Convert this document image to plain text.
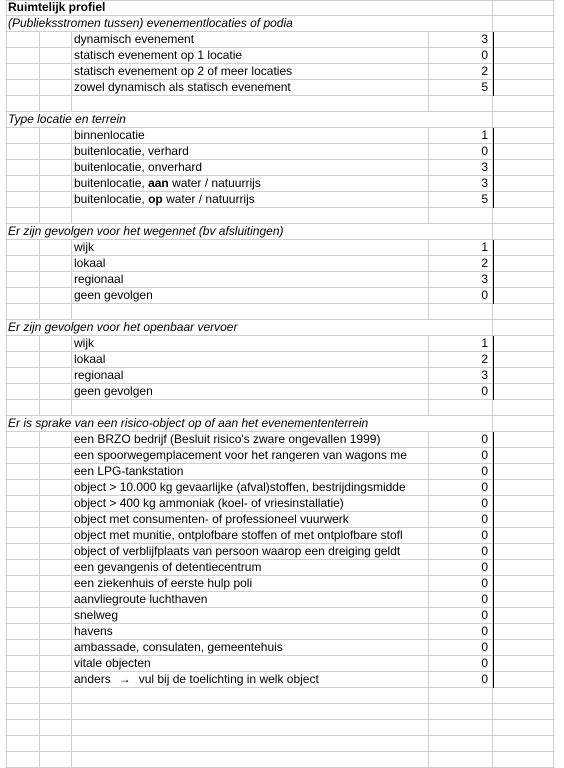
Ruimtelijk profiel
(Publieksstromen tussen) evenementlocaties of podia
dynamisch evenement	3
statisch evenement op 1 locatie	0
statisch evenement op 2 of meer locaties	2
zowel dynamisch als statisch evenement	5
Type locatie en terrein
binnenlocatie	1
buitenlocatie, verhard	0
buitenlocatie, onverhard	3
buitenlocatie, aan water / natuurrijs	3
buitenlocatie, op water / natuurrijs	5
Er zijn gevolgen voor het wegennet (bv afsluitingen)
wijk	1
lokaal	2
regionaal	3
geen gevolgen	0
Er zijn gevolgen voor het openbaar vervoer
wijk	1
lokaal	2
regionaal	3
geen gevolgen	0
Er is sprake van een risico-object op of aan het evenemententerrein
een BRZO bedrijf (Besluit risico's zware ongevallen 1999)	0
een spoorwegemplacement voor het rangeren van wagons me	0
een LPG-tankstation	0
object > 10.000 kg gevaarlijke (afval)stoffen, bestrijdingsmidde	0
object > 400 kg ammoniak (koel- of vriesinstallatie)	0
object met consumenten- of professioneel vuurwerk	0
object met munitie, ontplofbare stoffen of met ontplofbare stofl	0
object of verblijfplaats van persoon waarop een dreiging geldt	0
een gevangenis of detentiecentrum	0
een ziekenhuis of eerste hulp poli	0
aanvliegroute luchthaven	0
snelweg	0
havens	0
ambassade, consulaten, gemeentehuis	0
vitale objecten	0
anders → vul bij de toelichting in welk object	0
